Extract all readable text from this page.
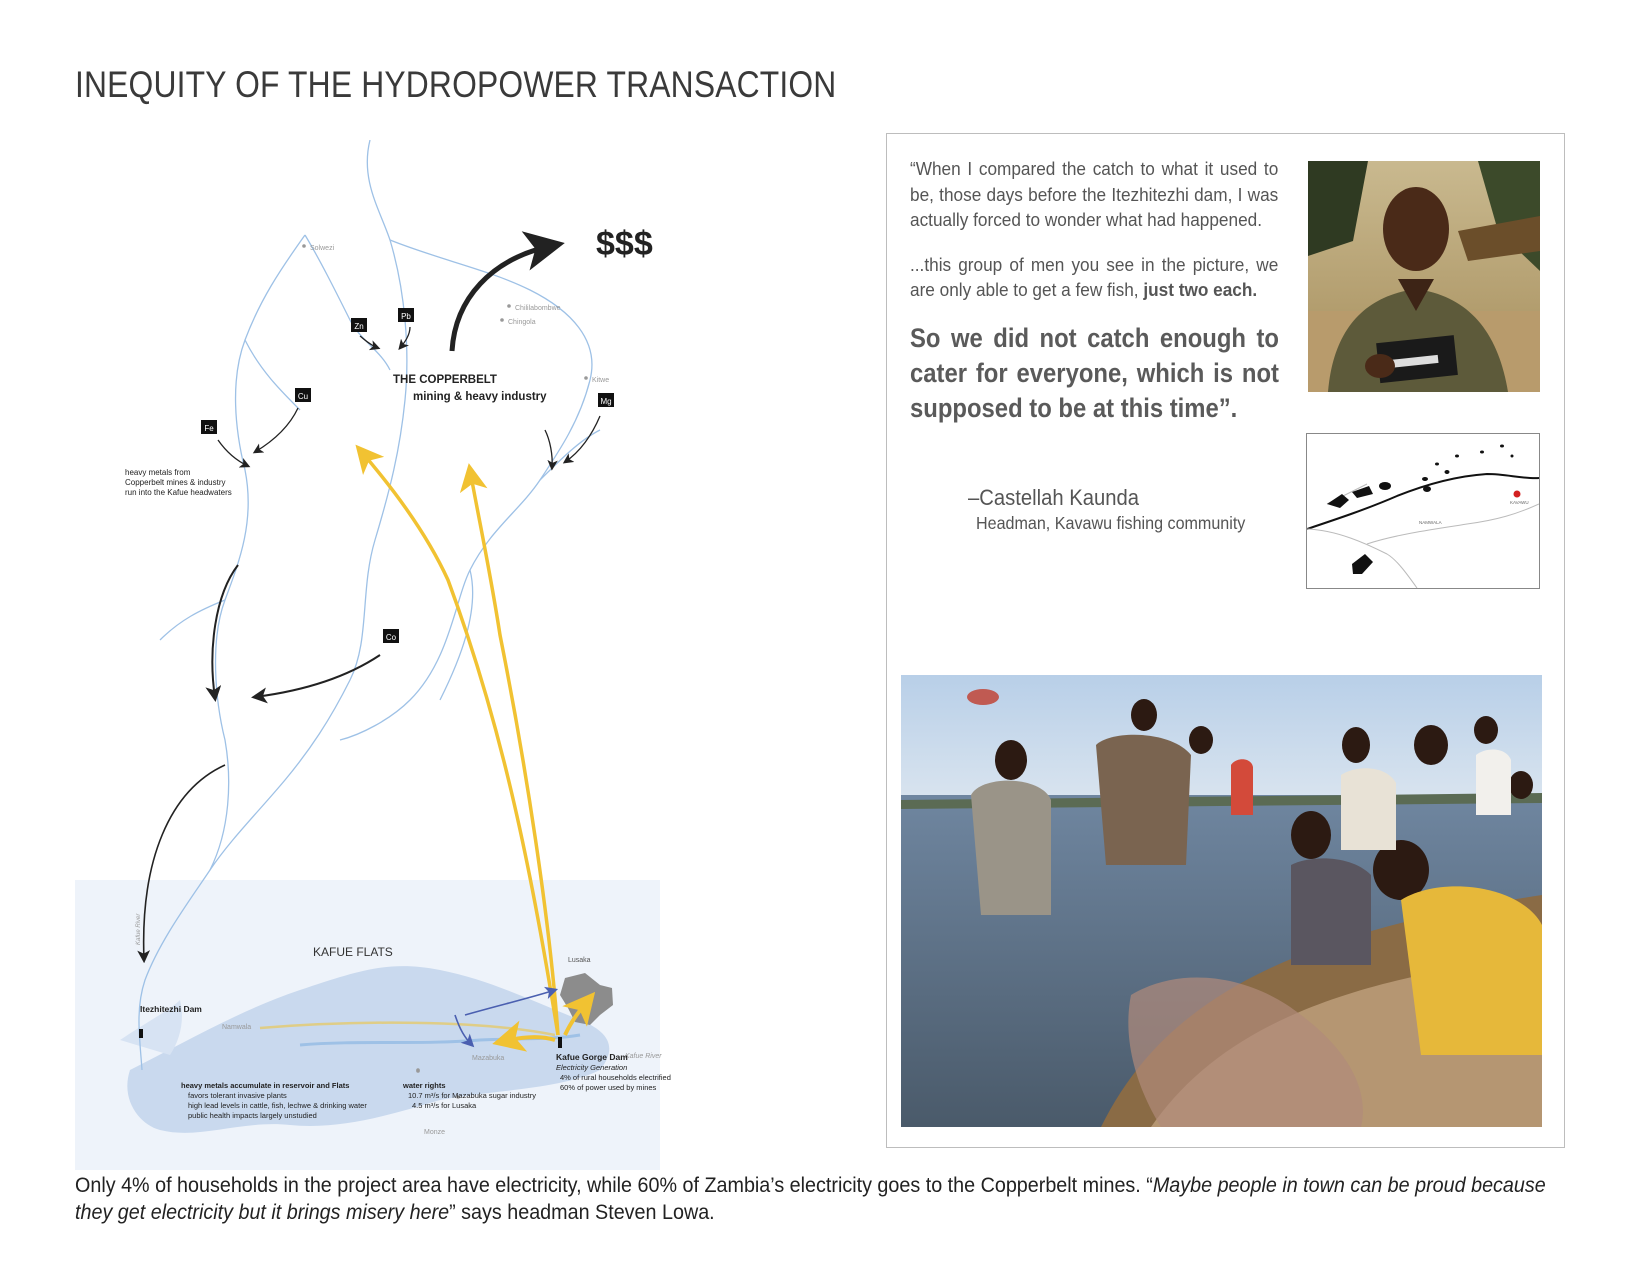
INEQUITY OF THE HYDROPOWER TRANSACTION
Solwezi
Chililabombwe
Chingola
Kitwe
Namwala
Mazabuka
Monze
Lusaka
Kafue River
Kafue River
$$$
Zn
Pb
Cu
Fe
Mg
Co
THE COPPERBELT
mining & heavy industry
heavy metals from
Copperbelt mines & industry
run into the Kafue headwaters
KAFUE FLATS
Itezhitezhi Dam
Kafue Gorge Dam
Electricity Generation
4% of rural households electrified
60% of power used by mines
heavy metals accumulate in reservoir and Flats
favors tolerant invasive plants
high lead levels in cattle, fish, lechwe & drinking water
public health impacts largely unstudied
water rights
10.7 m³/s for Mazabuka sugar industry
4.5 m³/s for Lusaka

“When I compared the catch to what it used to be, those days before the Itezhitezhi dam, I was actually forced to wonder what had happened.

...this group of men you see in the picture, we are only able to get a few fish, just two each.

So we did not catch enough to cater for everyone, which is not supposed to be at this time”.

–Castellah Kaunda
Headman, Kavawu fishing community	NAMWALA
KAVAWU
Only 4% of households in the project area have electricity, while 60% of Zambia’s electricity goes to the Copperbelt mines. “Maybe people in town can be proud because they get electricity but it brings misery here” says headman Steven Lowa.
